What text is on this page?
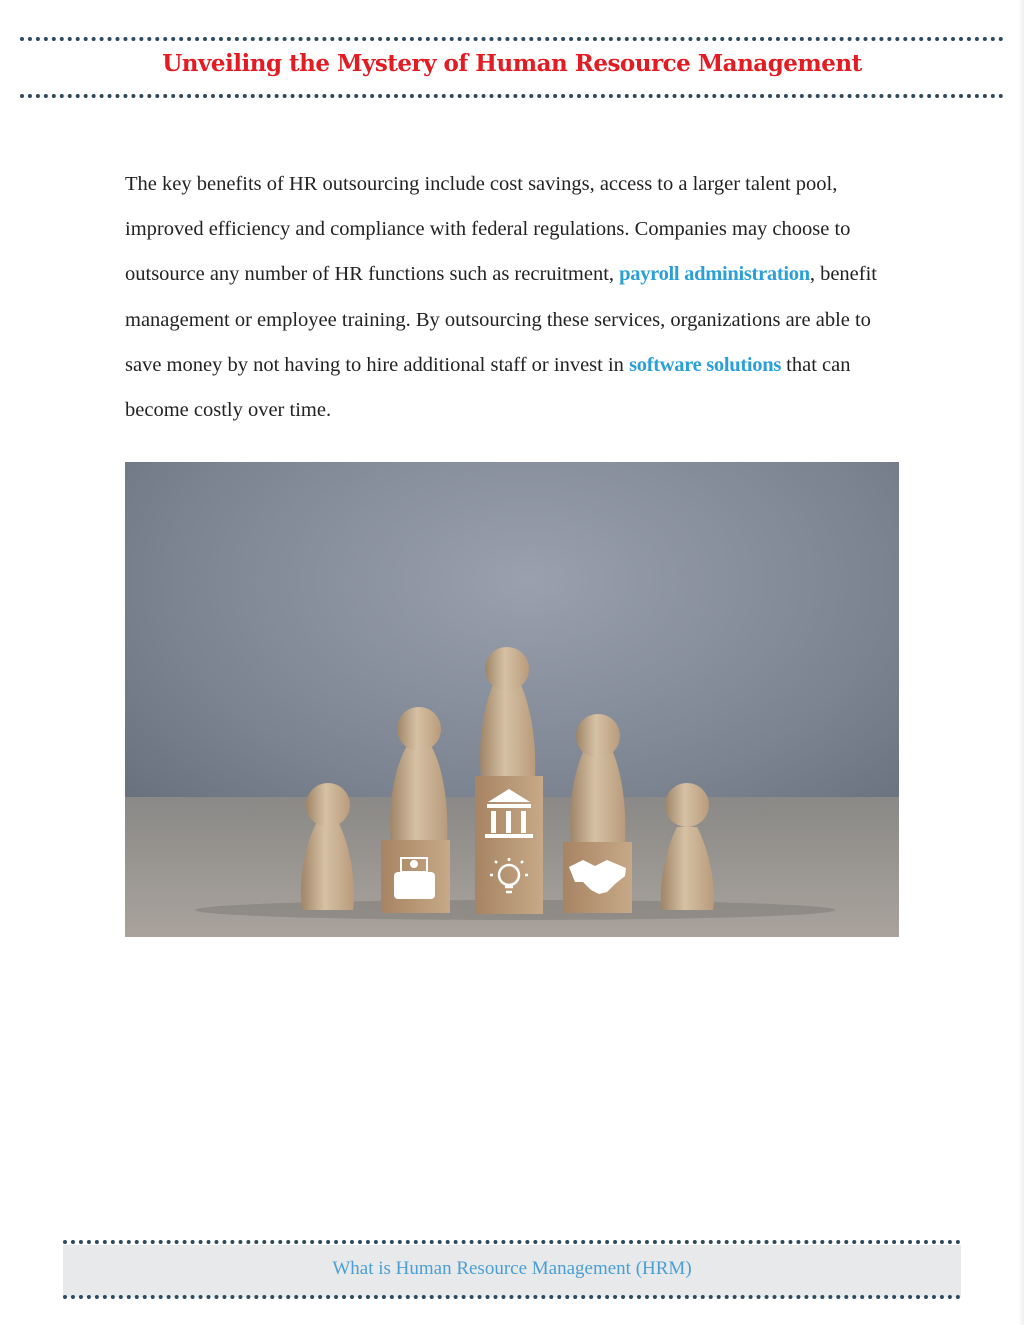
Unveiling the Mystery of Human Resource Management

The key benefits of HR outsourcing include cost savings, access to a larger talent pool, improved efficiency and compliance with federal regulations. Companies may choose to outsource any number of HR functions such as recruitment, payroll administration, benefit management or employee training. By outsourcing these services, organizations are able to save money by not having to hire additional staff or invest in software solutions that can become costly over time.

What is Human Resource Management (HRM)
